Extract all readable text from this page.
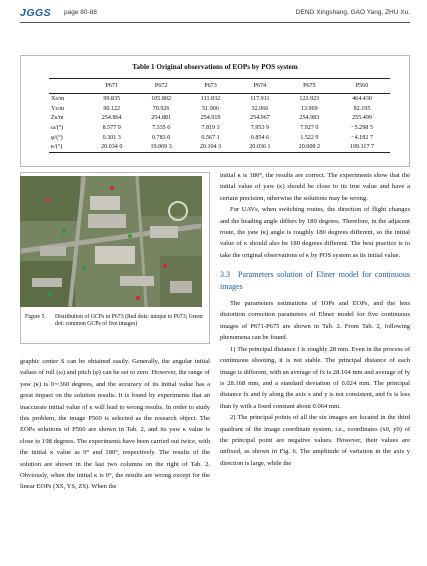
JGGS page 80-88	DENG Xingshang, GAO Yang, ZHU Xu.
Table 1 Original observations of EOPs by POS system
	P671	P672	P673	P674	P675	P560
Xs/m	99.835	105.802	111.832	117.911	123.923	464.430
Ys/m	90.122	70.926	51.906	32.966	13.969	82.195
Zs/m	254.864	254.881	254.919	254.967	254.983	255.499
ω/(°)	8.577 9	7.335 6	7.819 3	7.953 9	7.927 0	−5.298 5
φ/(°)	0.301 3	0.783 0	0.567 1	0.854 6	1.522 9	−4.182 7
κ/(°)	20.034 0	19.969 3	20.104 3	20.036 1	20.008 2	199.117 7
Figure 5 Distribution of GCPs in P673 (Red dots: unique to P673; Green dot: common GCPs of five images)

graphic center S can be obtained easily. Generally, the angular initial values of roll (ω) and pitch (φ) can be set to zero. However, the range of yaw (κ) is 0∼360 degrees, and the accuracy of its initial value has a great impact on the solution results. It is found by experiments that an inaccurate initial value of κ will lead to wrong results. In order to study this problem, the image P560 is selected as the research object. The EOPs solutions of P560 are shown in Tab. 2, and its yaw κ value is close to 198 degrees. The experiments have been carried out twice, with the initial κ value as 0° and 180°, respectively. The results of the solution are shown in the last two columns on the right of Tab. 2. Obviously, when the initial κ is 0°, the results are wrong except for the linear EOPs (XS, YS, ZS). When the

initial κ is 180°, the results are correct. The experiments show that the initial value of yaw (κ) should be close to its true value and have a certain precision, otherwise the solutions may be wrong.

For UAVs, when switching routes, the direction of flight changes and the heading angle differs by 180 degrees. Therefore, in the adjacent route, the yaw (κ) angle is roughly 180 degrees different, so the initial value of κ should also be 180 degrees different. The best practice is to take the original observations of κ by POS system as its initial value.

3.3 Parameters solution of Ebner model for continuous images

The parameters estimations of IOPs and EOPs, and the lens distortion correction parameters of Ebner model for five continuous images of P671-P675 are shown in Tab. 2. From Tab. 2, following phenomena can be found.

1) The principal distance f is roughly 28 mm. Even in the process of continuous shooting, it is not stable. The principal distance of each image is different, with an average of fx is 28.104 mm and average of fy is 28.168 mm, and a standard deviation of 0.024 mm. The principal distance fx and fy along the axis x and y is not consistent, and fx is less than fy with a fixed constant about 0.064 mm.

2) The principal points of all the six images are located in the third quadrant of the image coordinate system, i.e., coordinates (x0, y0) of the principal point are negative values. However, their values are unfixed, as shown in Fig. 6. The amplitude of variation in the axis y direction is large, while the
